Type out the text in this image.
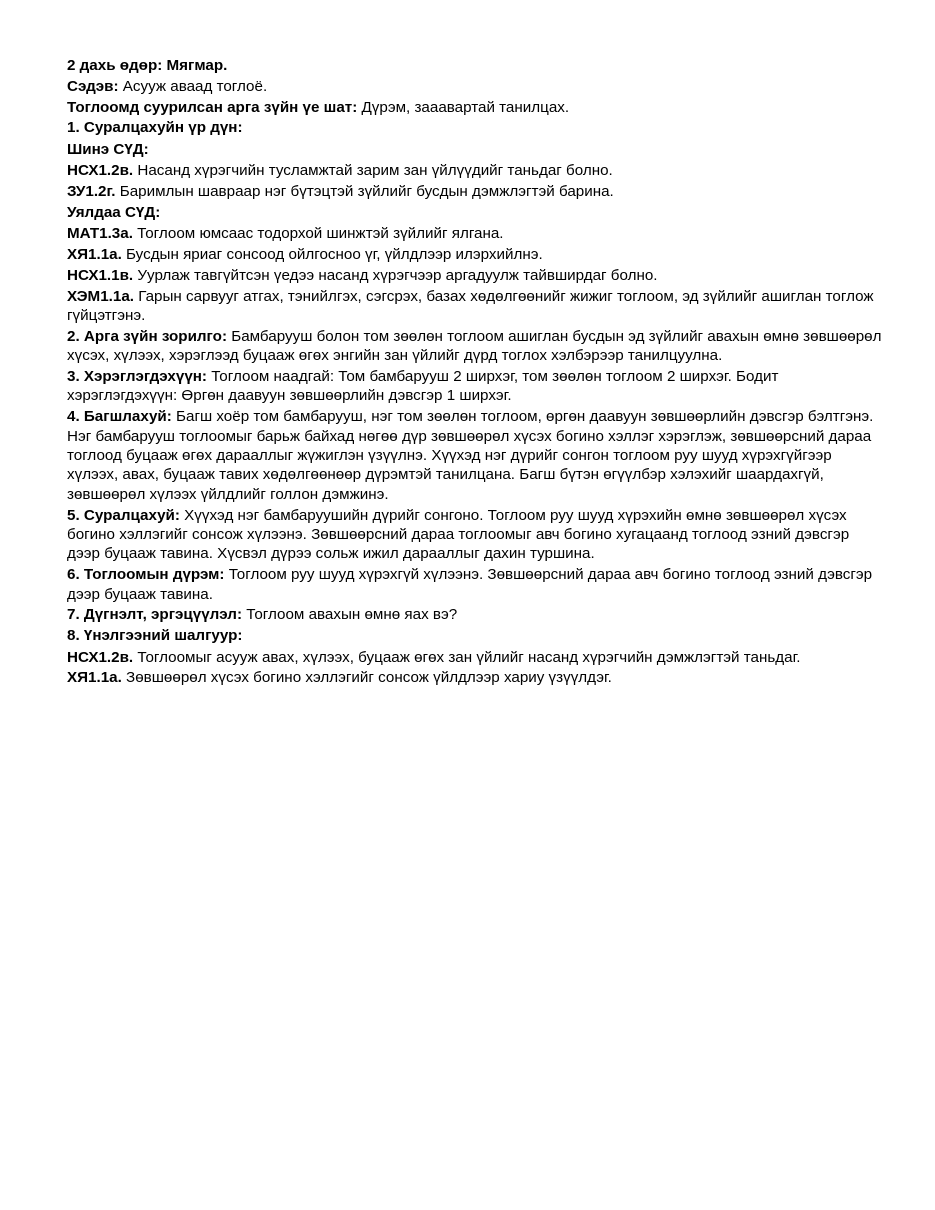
2 дахь өдөр: Мягмар.

Сэдэв: Асууж аваад тоглоё.

Тоглоомд суурилсан арга зүйн үе шат: Дүрэм, зааавартай танилцах.

1. Суралцахуйн үр дүн:

Шинэ СҮД:

НСХ1.2в. Насанд хүрэгчийн тусламжтай зарим зан үйлүүдийг таньдаг болно.

ЗУ1.2г. Баримлын шавраар нэг бүтэцтэй зүйлийг бусдын дэмжлэгтэй барина.

Уялдаа СҮД:

МАТ1.3а. Тоглоом юмсаас тодорхой шинжтэй зүйлийг ялгана.

ХЯ1.1а. Бусдын яриаг сонсоод ойлгосноо үг, үйлдлээр илэрхийлнэ.

НСХ1.1в. Уурлаж тавгүйтсэн үедээ насанд хүрэгчээр аргадуулж тайвширдаг болно.

ХЭМ1.1а. Гарын сарвууг атгах, тэнийлгэх, сэгсрэх, базах хөдөлгөөнийг жижиг тоглоом, эд зүйлийг ашиглан тоглож гүйцэтгэнэ.

2. Арга зүйн зорилго: Бамбарууш болон том зөөлөн тоглоом ашиглан бусдын эд зүйлийг авахын өмнө зөвшөөрөл хүсэх, хүлээх, хэрэглээд буцааж өгөх энгийн зан үйлийг дүрд тоглох хэлбэрээр танилцуулна.

3. Хэрэглэгдэхүүн: Тоглоом наадгай: Том бамбарууш 2 ширхэг, том зөөлөн тоглоом 2 ширхэг. Бодит хэрэглэгдэхүүн: Өргөн даавуун зөвшөөрлийн дэвсгэр 1 ширхэг.

4. Багшлахуй: Багш хоёр том бамбарууш, нэг том зөөлөн тоглоом, өргөн даавуун зөвшөөрлийн дэвсгэр бэлтгэнэ. Нэг бамбарууш тоглоомыг барьж байхад нөгөө дүр зөвшөөрөл хүсэх богино хэллэг хэрэглэж, зөвшөөрсний дараа тоглоод буцааж өгөх дарааллыг жүжиглэн үзүүлнэ. Хүүхэд нэг дүрийг сонгон тоглоом руу шууд хүрэхгүйгээр хүлээх, авах, буцааж тавих хөдөлгөөнөөр дүрэмтэй танилцана. Багш бүтэн өгүүлбэр хэлэхийг шаардахгүй, зөвшөөрөл хүлээх үйлдлийг голлон дэмжинэ.

5. Суралцахуй: Хүүхэд нэг бамбаруушийн дүрийг сонгоно. Тоглоом руу шууд хүрэхийн өмнө зөвшөөрөл хүсэх богино хэллэгийг сонсож хүлээнэ. Зөвшөөрсний дараа тоглоомыг авч богино хугацаанд тоглоод эзний дэвсгэр дээр буцааж тавина. Хүсвэл дүрээ сольж ижил дарааллыг дахин туршина.

6. Тоглоомын дүрэм: Тоглоом руу шууд хүрэхгүй хүлээнэ. Зөвшөөрсний дараа авч богино тоглоод эзний дэвсгэр дээр буцааж тавина.

7. Дүгнэлт, эргэцүүлэл: Тоглоом авахын өмнө яах вэ?

8. Үнэлгээний шалгуур:

НСХ1.2в. Тоглоомыг асууж авах, хүлээх, буцааж өгөх зан үйлийг насанд хүрэгчийн дэмжлэгтэй таньдаг.

ХЯ1.1а. Зөвшөөрөл хүсэх богино хэллэгийг сонсож үйлдлээр хариу үзүүлдэг.
